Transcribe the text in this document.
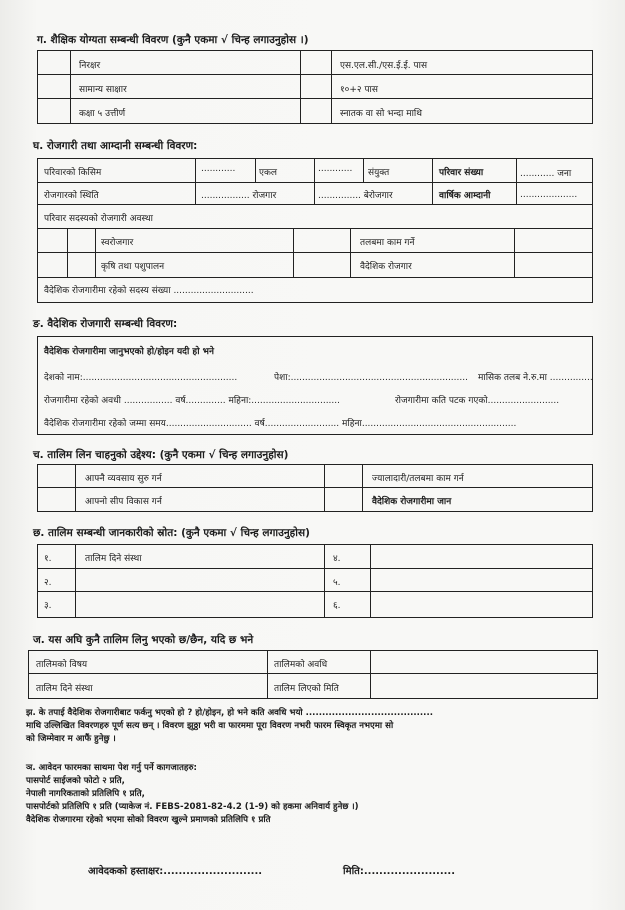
ग. शैक्षिक योग्यता सम्बन्धी विवरण (कुनै एकमा √ चिन्ह लगाउनुहोस ।)
निरक्षर	एस.एल.सी./एस.ई.ई. पास
सामान्य साक्षार	१०+२ पास
कक्षा ५ उत्तीर्ण	स्नातक वा सो भन्दा माथि
घ. रोजगारी तथा आम्दानी सम्बन्धी विवरण:
परिवारको किसिम	............	एकल	............ संयुक्त	परिवार संख्या	............ जना
रोजगारको स्थिति	................. रोजगार	............... बेरोजगार	वार्षिक आम्दानी	....................
परिवार सदस्यको रोजगारी अवस्था
स्वरोजगार	तलबमा काम गर्ने
कृषि तथा पशुपालन	वैदेशिक रोजगार
वैदेशिक रोजगारीमा रहेको सदस्य संख्या ............................
ङ. वैदेशिक रोजगारी सम्बन्धी विवरण:
वैदेशिक रोजगारीमा जानुभएको हो/होइन यदी हो भने
देशको नाम:......................................................	पेशा:.............................................................. मासिक तलब ने.रु.मा ...............
रोजगारीमा रहेको अवधी ................. वर्ष.............. महिना:...............................	रोजगारीमा कति पटक गएको.........................
वैदेशिक रोजगारीमा रहेको जम्मा समय.............................. वर्ष.......................... महिना......................................................
च. तालिम लिन चाहनुको उद्देश्य: (कुनै एकमा √ चिन्ह लगाउनुहोस)
आफ्नै व्यवसाय सुरु गर्न	ज्यालादारी/तलबमा काम गर्न
आफ्नो सीप विकास गर्न	वैदेशिक रोजगारीमा जान
छ. तालिम सम्बन्धी जानकारीको स्रोत: (कुनै एकमा √ चिन्ह लगाउनुहोस)
१.	तालिम दिने संस्था	४.
२.	५.
३.	६.
ज. यस अघि कुनै तालिम लिनु भएको छ/छैन, यदि छ भने
तालिमको विषय	तालिमको अवधि
तालिम दिने संस्था	तालिम लिएको मिति
झ. के तपाई वैदेशिक रोजगारीबाट फर्कनु भएको हो ? हो/होइन, हो भने कति अवधि भयो .......................................
माथि उल्लिखित विवरणहरु पूर्ण सत्य छन् । विवरण झुठ्ठा भरी वा फारममा पूरा विवरण नभरी फारम स्विकृत नभएमा सो
को जिम्मेवार म आफैं हुनेछु ।
ञ. आवेदन फारमका साथमा पेश गर्नु पर्ने कागजातहरु:
पासपोर्ट साईजको फोटो २ प्रति,
नेपाली नागरिकताको प्रतिलिपि १ प्रति,
पासपोर्टको प्रतिलिपि १ प्रति (प्याकेज नं. FEBS-2081-82-4.2 (1-9) को हकमा अनिवार्य हुनेछ ।)
वैदेशिक रोजगारमा रहेको भएमा सोको विवरण खुल्ने प्रमाणको प्रतिलिपि १ प्रति
आवेदकको हस्ताक्षर:..........................	मिति:........................
